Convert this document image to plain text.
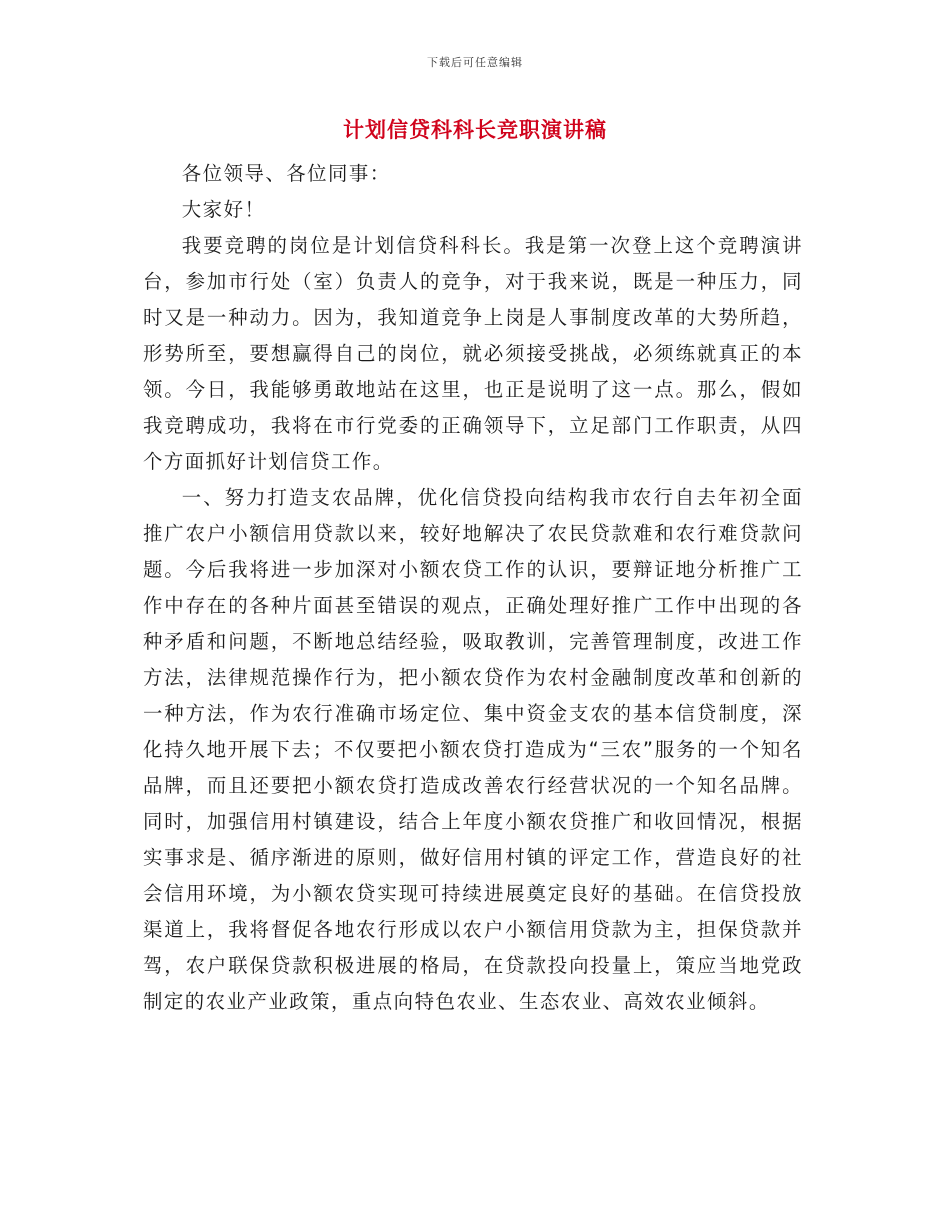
下载后可任意编辑
计划信贷科科长竞职演讲稿

各位领导、各位同事：

大家好！

我要竞聘的岗位是计划信贷科科长。我是第一次登上这个竞聘演讲台，参加市行处（室）负责人的竞争，对于我来说，既是一种压力，同时又是一种动力。因为，我知道竞争上岗是人事制度改革的大势所趋，形势所至，要想赢得自己的岗位，就必须接受挑战，必须练就真正的本领。今日，我能够勇敢地站在这里，也正是说明了这一点。那么，假如我竞聘成功，我将在市行党委的正确领导下，立足部门工作职责，从四个方面抓好计划信贷工作。

一、努力打造支农品牌，优化信贷投向结构我市农行自去年初全面推广农户小额信用贷款以来，较好地解决了农民贷款难和农行难贷款问题。今后我将进一步加深对小额农贷工作的认识，要辩证地分析推广工作中存在的各种片面甚至错误的观点，正确处理好推广工作中出现的各种矛盾和问题，不断地总结经验，吸取教训，完善管理制度，改进工作方法，法律规范操作行为，把小额农贷作为农村金融制度改革和创新的一种方法，作为农行准确市场定位、集中资金支农的基本信贷制度，深化持久地开展下去；不仅要把小额农贷打造成为“三农”服务的一个知名品牌，而且还要把小额农贷打造成改善农行经营状况的一个知名品牌。同时，加强信用村镇建设，结合上年度小额农贷推广和收回情况，根据实事求是、循序渐进的原则，做好信用村镇的评定工作，营造良好的社会信用环境，为小额农贷实现可持续进展奠定良好的基础。在信贷投放渠道上，我将督促各地农行形成以农户小额信用贷款为主，担保贷款并驾，农户联保贷款积极进展的格局，在贷款投向投量上，策应当地党政制定的农业产业政策，重点向特色农业、生态农业、高效农业倾斜。
